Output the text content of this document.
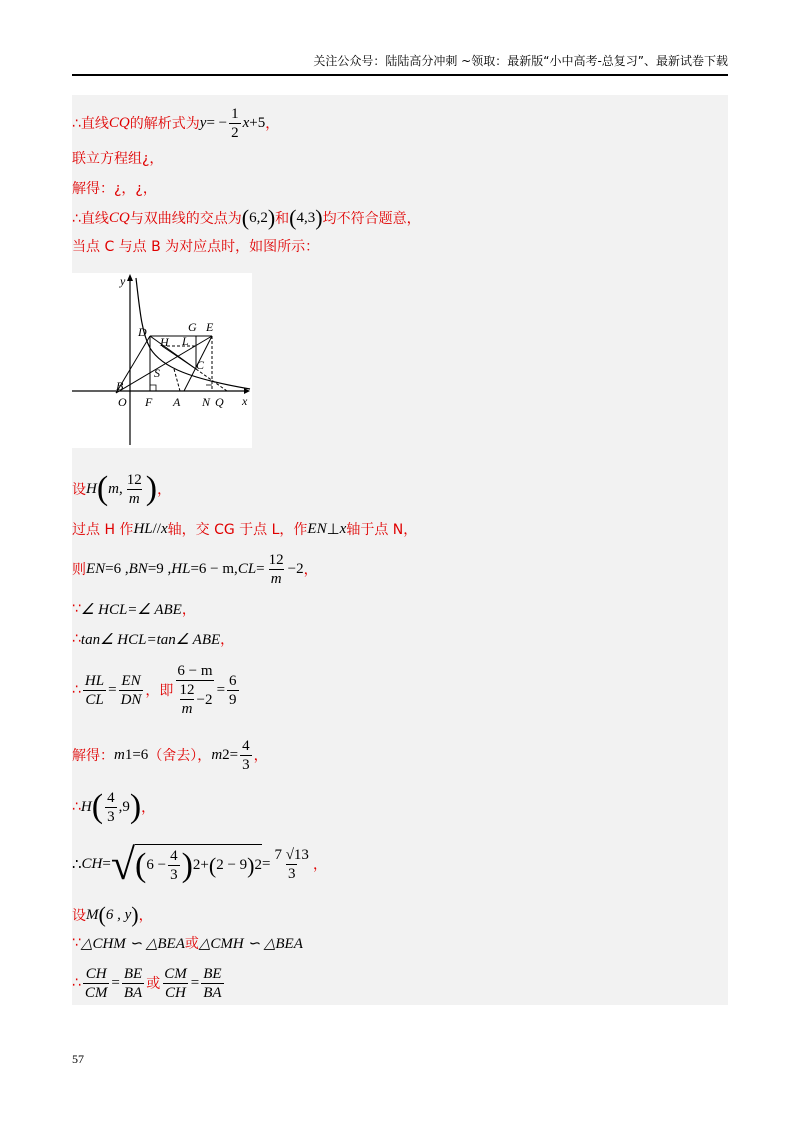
关注公众号：陆陆高分冲刺 ~领取：最新版“小中高考-总复习”、最新试卷下载
∴直线 CQ 的解析式为 y = − $\frac{1}{2}$ x +5 ，
联立方程组¿，
解得：¿，¿，
∴直线 CQ 与双曲线的交点为 ( 6,2 ) 和 ( 4,3 ) 均不符合题意，
当点 C 与点 B 为对应点时，如图所示：
y
x
O
B
F A N Q
D	G E
H L
S
C
设 H ( m , $\frac{12}{m}$ ) ，
过点 H 作 HL // x 轴，交 CG 于点 L，作 EN ⊥ x 轴于点 N，
则 EN =6 , BN =9 , HL =6 − m, CL = $\frac{12}{m} -2$ ，
∵ ∠ HCL=∠ ABE ，
∴ tan∠ HCL=tan∠ ABE ，
∴ $\frac{HL}{CL} = \frac{EN}{DN}$ ，即 $\frac{6 - m}{\frac{12}{m} -2} = \frac{6}{9}$
解得： m 1 =6 （舍去）， m $2 = \frac{4}{3}$ ，
∴ H ( $\frac{4}{3} ,9$ ) ，
∴ CH = √ ( $6 - \frac{4}{3}$ ) 2 + ( 2 − 9 ) $2 = \frac{7 √13}{3}$ ，
设 M ( 6 , y ) ，
∵ △CHM ∽ △BEA 或 △CMH ∽ △BEA
∴ $\frac{CH}{CM} = \frac{BE}{BA}$ 或 $\frac{CM}{CH} = \frac{BE}{BA}$
57
